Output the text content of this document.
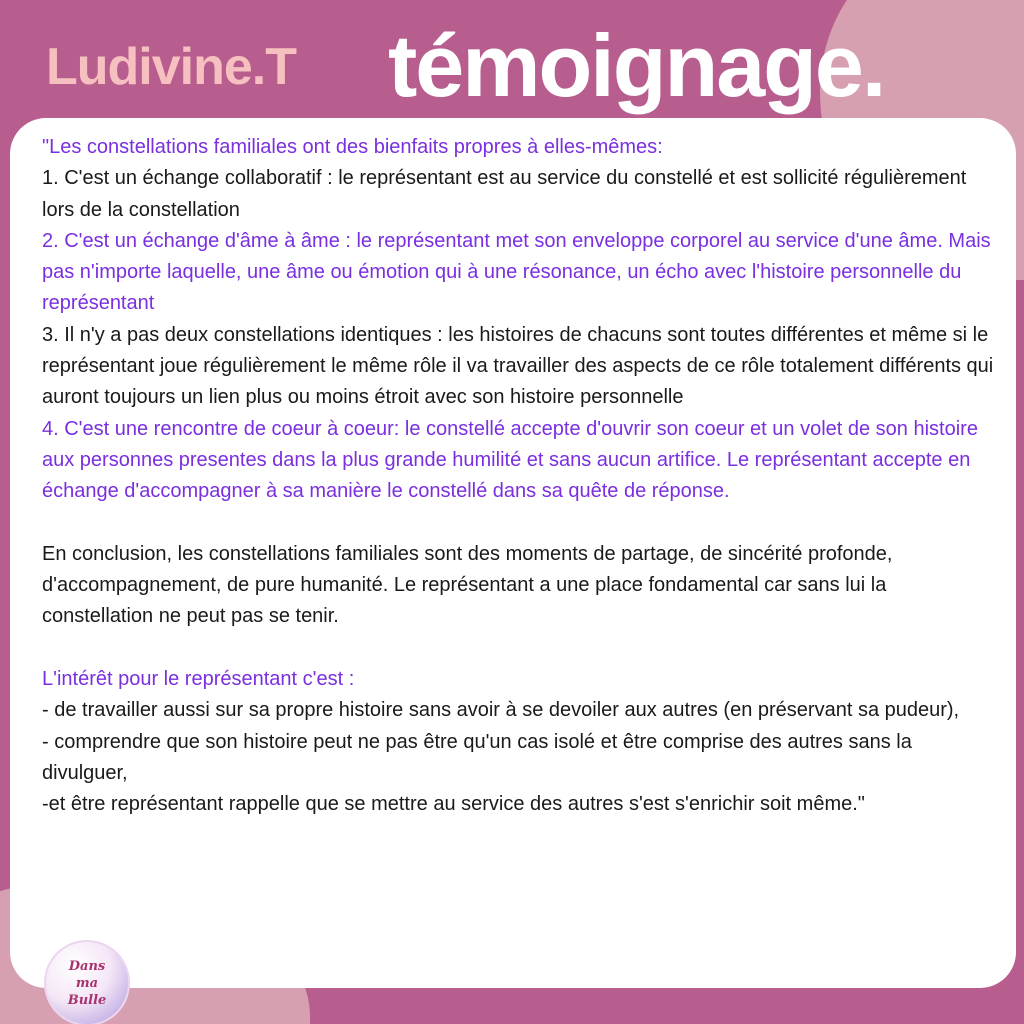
Ludivine.T témoignage.

"Les constellations familiales ont des bienfaits propres à elles-mêmes:

1. C'est un échange collaboratif : le représentant est au service du constellé et est sollicité régulièrement lors de la constellation

2. C'est un échange d'âme à âme : le représentant met son enveloppe corporel au service d'une âme. Mais pas n'importe laquelle, une âme ou émotion qui à une résonance, un écho avec l'histoire personnelle du représentant

3. Il n'y a pas deux constellations identiques : les histoires de chacuns sont toutes différentes et même si le représentant joue régulièrement le même rôle il va travailler des aspects de ce rôle totalement différents qui auront toujours un lien plus ou moins étroit avec son histoire personnelle

4. C'est une rencontre de coeur à coeur: le constellé accepte d'ouvrir son coeur et un volet de son histoire aux personnes presentes dans la plus grande humilité et sans aucun artifice. Le représentant accepte en échange d'accompagner à sa manière le constellé dans sa quête de réponse.

En conclusion, les constellations familiales sont des moments de partage, de sincérité profonde, d'accompagnement, de pure humanité. Le représentant a une place fondamental car sans lui la constellation ne peut pas se tenir.

L'intérêt pour le représentant c'est :

- de travailler aussi sur sa propre histoire sans avoir à se devoiler aux autres (en préservant sa pudeur),

- comprendre que son histoire peut ne pas être qu'un cas isolé et être comprise des autres sans la divulguer,

-et être représentant rappelle que se mettre au service des autres s'est s'enrichir soit même."

Dans
ma
Bulle
